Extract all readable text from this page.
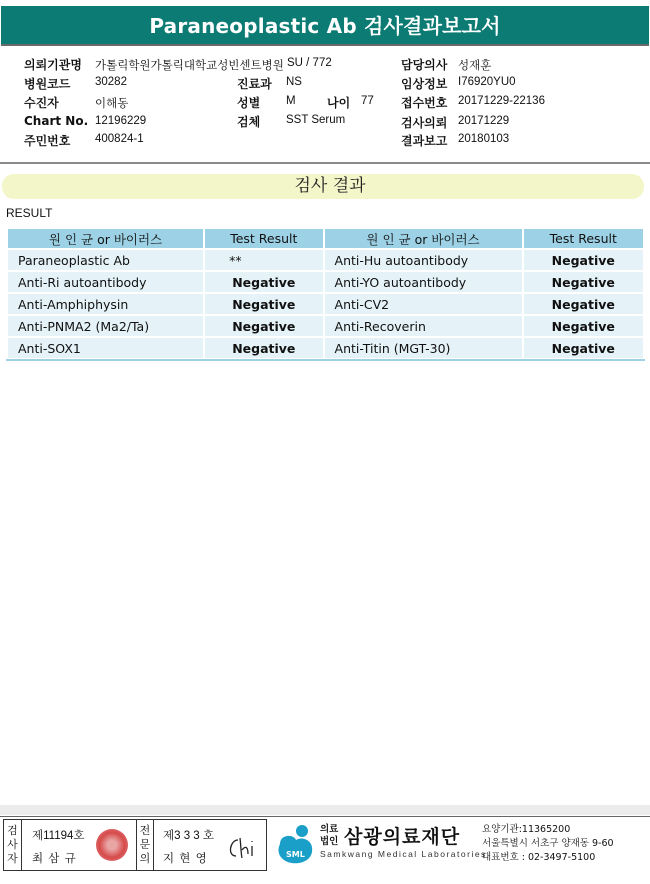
Paraneoplastic Ab 검사결과보고서
의뢰기관명 가톨릭학원가톨릭대학교성빈센트병원 SU / 772	담당의사 성재훈
병원코드 30282	진료과 NS	임상정보 I76920YU0
수진자	이해동	성별 M	나이 77 접수번호 20171229-22136
Chart No. 12196229	검체 SST Serum	검사의뢰 20171229
주민번호 400824-1	결과보고 20180103
검사 결과
RESULT
원 인 균 or 바이러스	Test Result	원 인 균 or 바이러스	Test Result
Paraneoplastic Ab	**	Anti-Hu autoantibody	Negative
Anti-Ri autoantibody	Negative	Anti-YO autoantibody	Negative
Anti-Amphiphysin	Negative	Anti-CV2	Negative
Anti-PNMA2 (Ma2/Ta)	Negative	Anti-Recoverin	Negative
Anti-SOX1	Negative	Anti-Titin (MGT-30)	Negative
검사자
제11194호
최 삼 규
전문의
제3 3 3 호
지 현 영	SML
의료
법인 삼광의료재단
Samkwang Medical Laboratories
요양기관:11365200
서울특별시 서초구 양재동 9-60
대표번호 : 02-3497-5100
